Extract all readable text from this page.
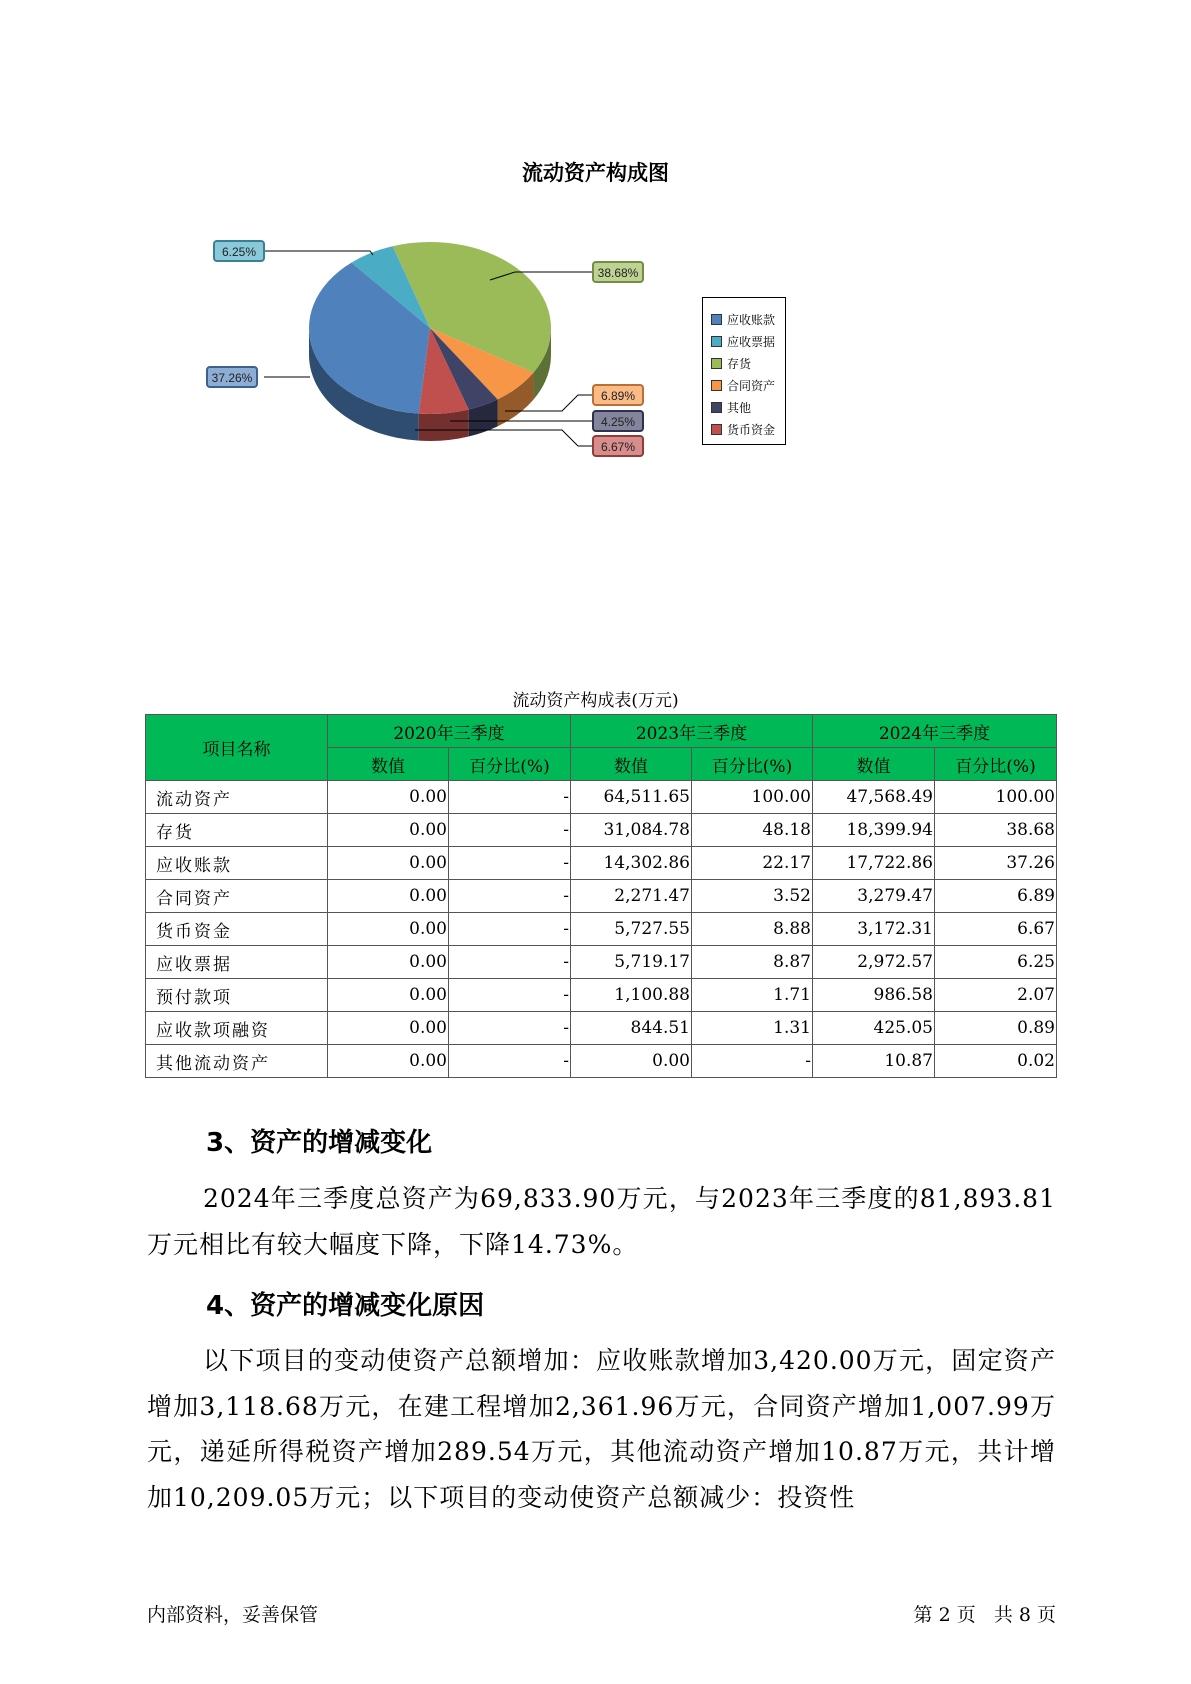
流动资产构成图
38.68%
6.89%
4.25%
6.67%
37.26%
6.25%
应收账款
应收票据
存货
合同资产
其他
货币资金
流动资产构成表(万元)
项目名称	2020年三季度		2023年三季度		2024年三季度	
	数值	百分比(%)	数值	百分比(%)	数值	百分比(%)
流动资产	0.00	-	64,511.65	100.00	47,568.49	100.00
存货	0.00	-	31,084.78	48.18	18,399.94	38.68
应收账款	0.00	-	14,302.86	22.17	17,722.86	37.26
合同资产	0.00	-	2,271.47	3.52	3,279.47	6.89
货币资金	0.00	-	5,727.55	8.88	3,172.31	6.67
应收票据	0.00	-	5,719.17	8.87	2,972.57	6.25
预付款项	0.00	-	1,100.88	1.71	986.58	2.07
应收款项融资	0.00	-	844.51	1.31	425.05	0.89
其他流动资产	0.00	-	0.00	-	10.87	0.02
3、资产的增减变化
2024年三季度总资产为69,833.90万元，与2023年三季度的81,893.81万元相比有较大幅度下降，下降14.73%。
4、资产的增减变化原因
以下项目的变动使资产总额增加：应收账款增加3,420.00万元，固定资产增加3,118.68万元，在建工程增加2,361.96万元，合同资产增加1,007.99万元，递延所得税资产增加289.54万元，其他流动资产增加10.87万元，共计增加10,209.05万元；以下项目的变动使资产总额减少：投资性
内部资料，妥善保管	第 2 页   共 8 页
